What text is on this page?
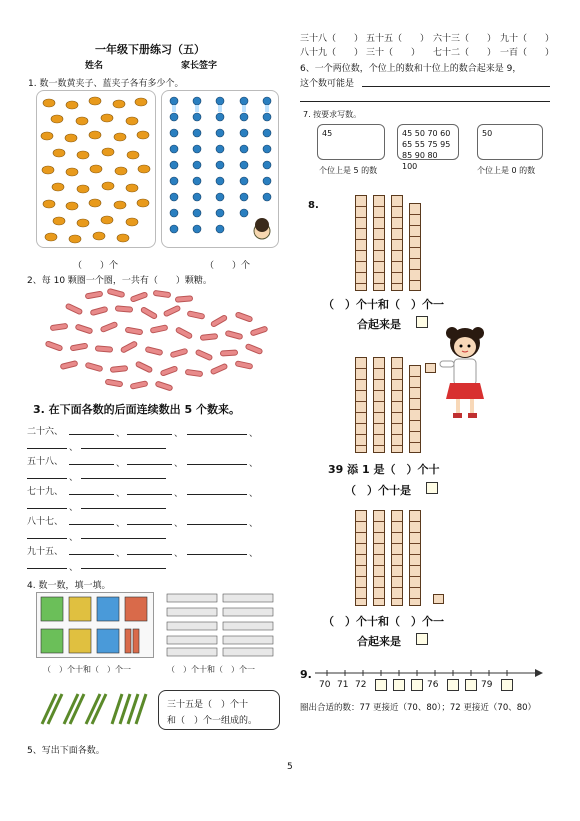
一年级下册练习（五）
姓名	家长签字
1. 数一数黄夹子、蓝夹子各有多少个。
（　　）个	（　　）个
2、每 10 颗圈一个圈，一共有（　　）颗糖。
3. 在下面各数的后面连续数出 5 个数来。
二十六、	、	、	、
、
五十八、	、	、	、
、
七十九、	、	、	、
、
八十七、	、	、	、
、
九十五、	、	、	、
、
4. 数一数，填一填。
（　）个十和（　）个一	（　）个十和（　）个一
三十五是（　）个十
和（　）个一组成的。
5、写出下面各数。
5
三十八（　　） 五十五（　　） 六十三（　　） 九十（　　）
八十九（　　） 三十（　　） 七十二（　　） 一百（　　）
6、一个两位数，个位上的数和十位上的数合起来是 9，
这个数可能是
7. 按要求写数。
45	45 50 70 60
65 55 75 95
85 90 80 100
50
个位上是 5 的数	个位上是 0 的数
8.
（　）个十和（　）个一
合起来是
39 添 1 是（　）个十
（　）个十是
（　）个十和（　）个一
合起来是
9.
70 71 72	76	79
圈出合适的数：77 更接近（70、80）；72 更接近（70、80）
